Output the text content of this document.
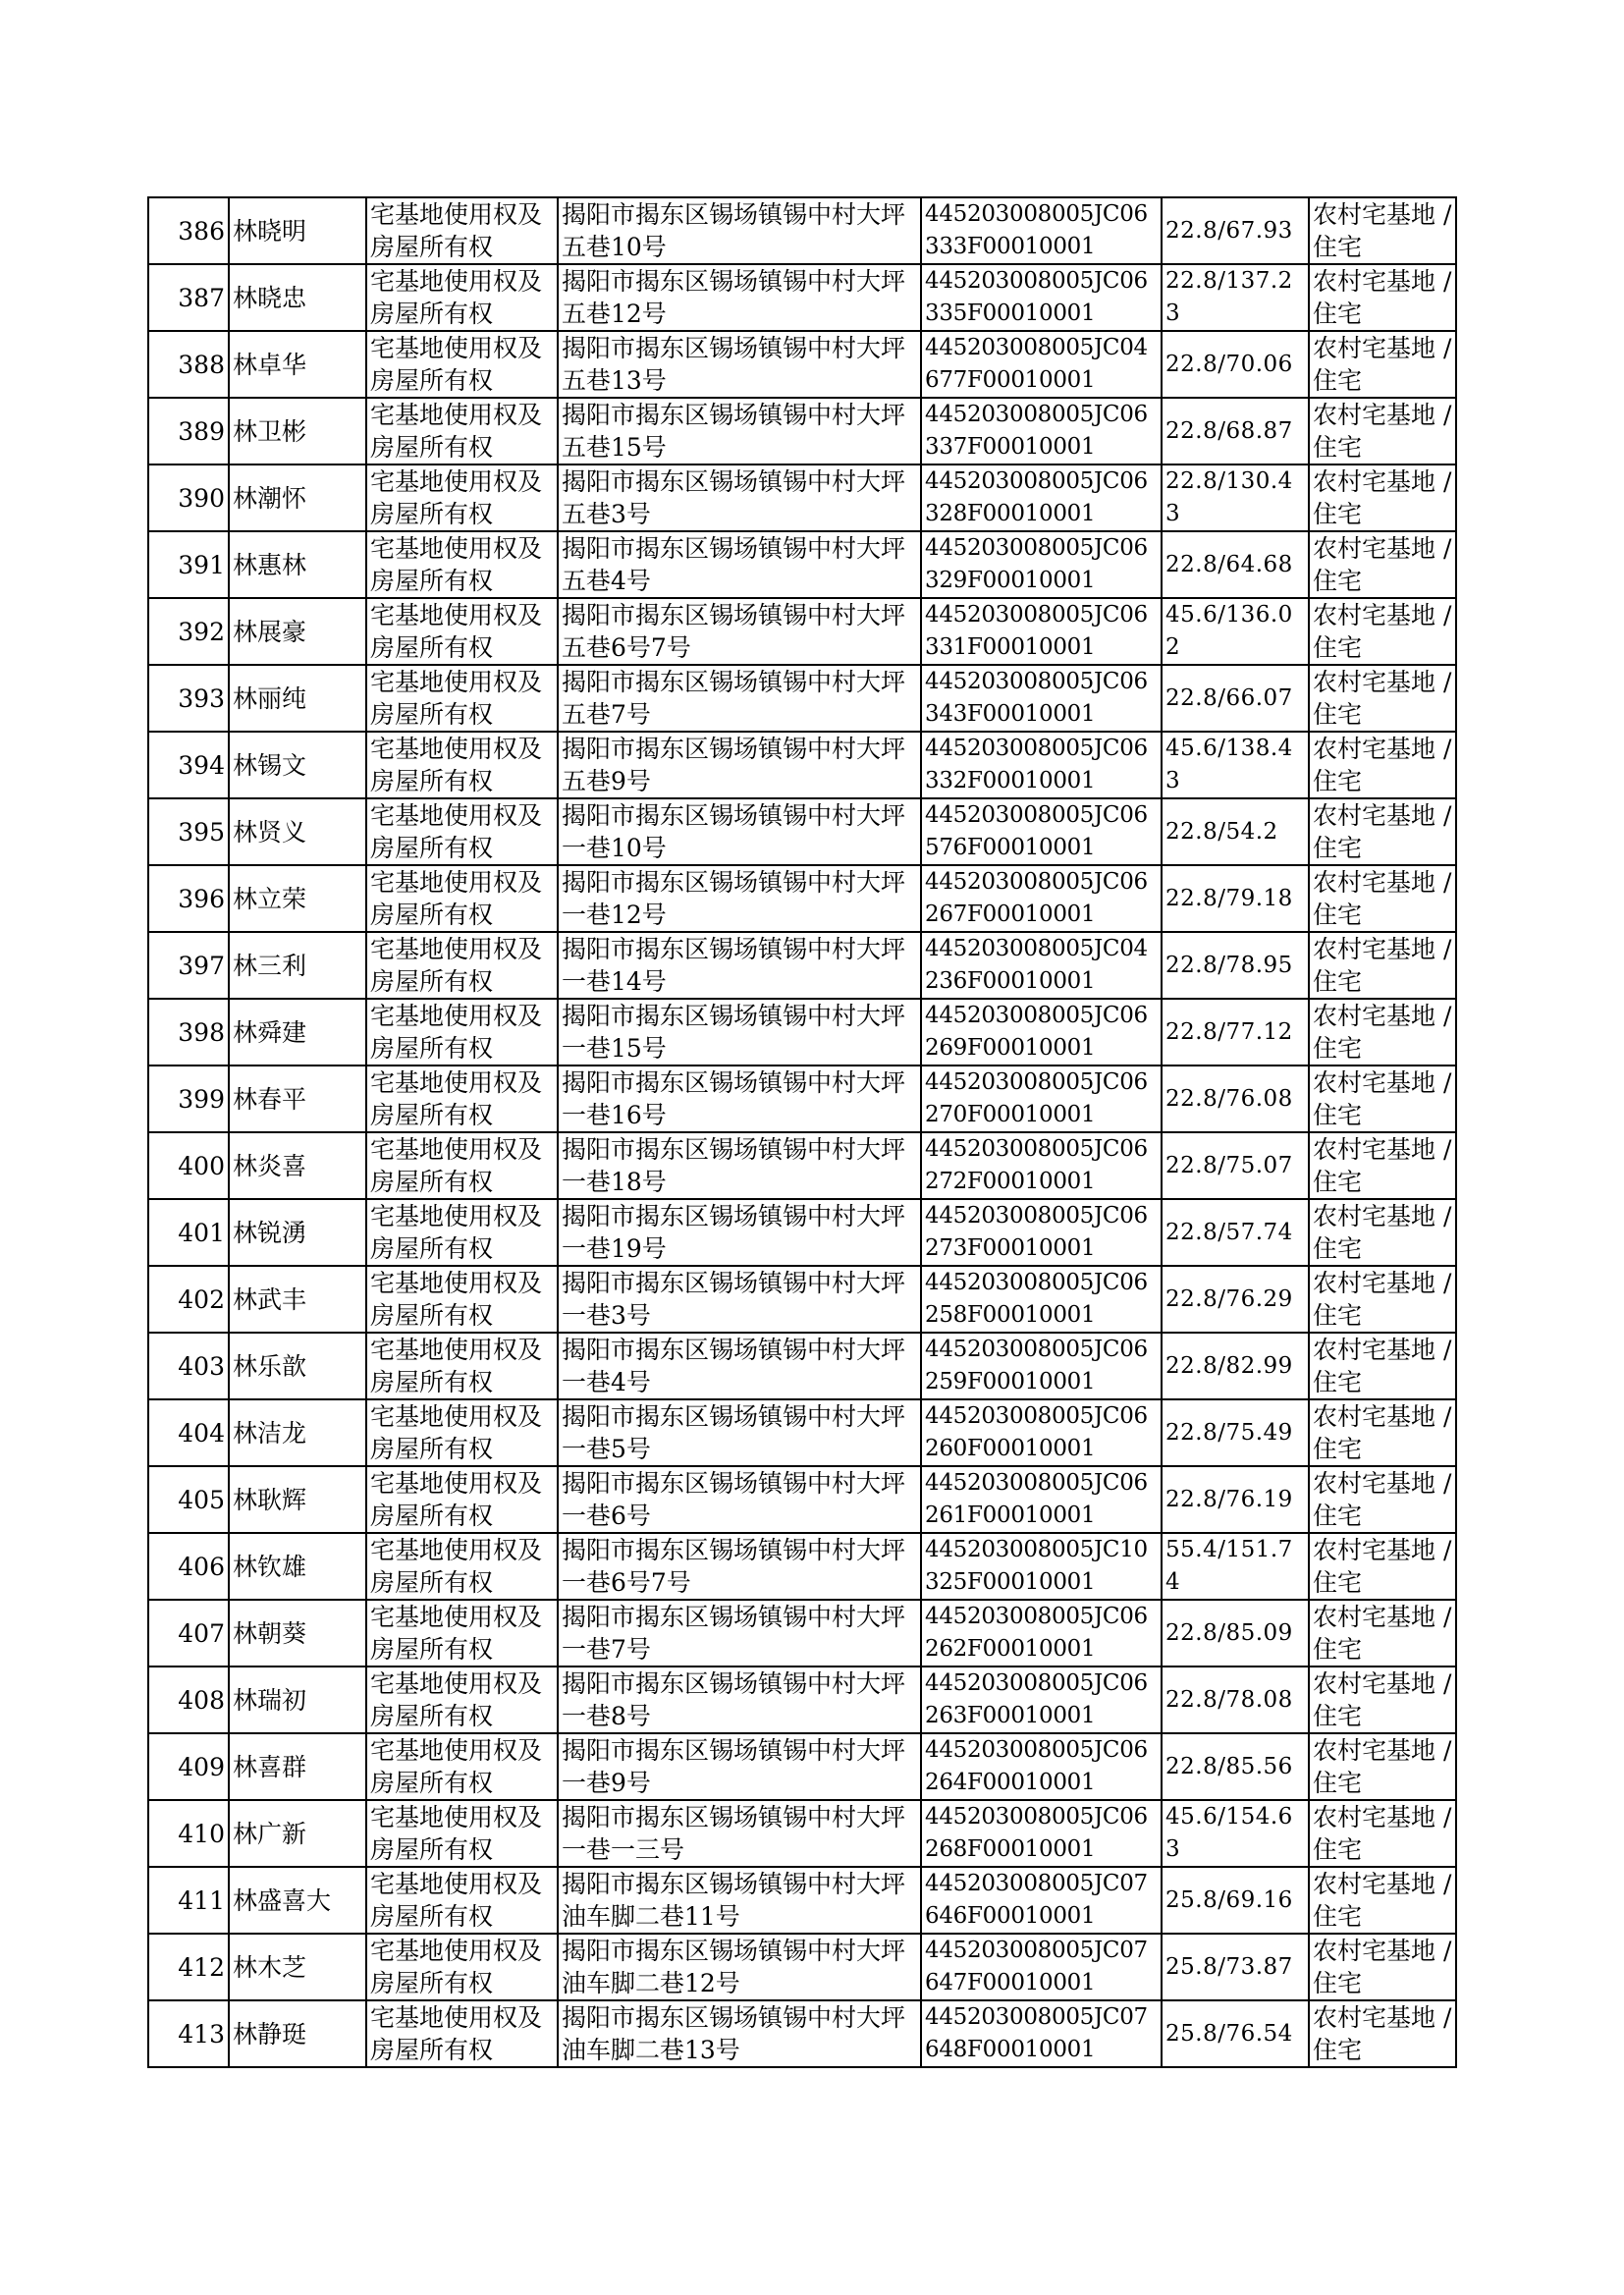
386	林晓明	宅基地使用权及房屋所有权	揭阳市揭东区锡场镇锡中村大坪五巷10号	445203008005JC06333F00010001	22.8/67.93	农村宅基地 / 住宅
387	林晓忠	宅基地使用权及房屋所有权	揭阳市揭东区锡场镇锡中村大坪五巷12号	445203008005JC06335F00010001	22.8/137.23	农村宅基地 / 住宅
388	林卓华	宅基地使用权及房屋所有权	揭阳市揭东区锡场镇锡中村大坪五巷13号	445203008005JC04677F00010001	22.8/70.06	农村宅基地 / 住宅
389	林卫彬	宅基地使用权及房屋所有权	揭阳市揭东区锡场镇锡中村大坪五巷15号	445203008005JC06337F00010001	22.8/68.87	农村宅基地 / 住宅
390	林潮怀	宅基地使用权及房屋所有权	揭阳市揭东区锡场镇锡中村大坪五巷3号	445203008005JC06328F00010001	22.8/130.43	农村宅基地 / 住宅
391	林惠林	宅基地使用权及房屋所有权	揭阳市揭东区锡场镇锡中村大坪五巷4号	445203008005JC06329F00010001	22.8/64.68	农村宅基地 / 住宅
392	林展豪	宅基地使用权及房屋所有权	揭阳市揭东区锡场镇锡中村大坪五巷6号7号	445203008005JC06331F00010001	45.6/136.02	农村宅基地 / 住宅
393	林丽纯	宅基地使用权及房屋所有权	揭阳市揭东区锡场镇锡中村大坪五巷7号	445203008005JC06343F00010001	22.8/66.07	农村宅基地 / 住宅
394	林锡文	宅基地使用权及房屋所有权	揭阳市揭东区锡场镇锡中村大坪五巷9号	445203008005JC06332F00010001	45.6/138.43	农村宅基地 / 住宅
395	林贤义	宅基地使用权及房屋所有权	揭阳市揭东区锡场镇锡中村大坪一巷10号	445203008005JC06576F00010001	22.8/54.2	农村宅基地 / 住宅
396	林立荣	宅基地使用权及房屋所有权	揭阳市揭东区锡场镇锡中村大坪一巷12号	445203008005JC06267F00010001	22.8/79.18	农村宅基地 / 住宅
397	林三利	宅基地使用权及房屋所有权	揭阳市揭东区锡场镇锡中村大坪一巷14号	445203008005JC04236F00010001	22.8/78.95	农村宅基地 / 住宅
398	林舜建	宅基地使用权及房屋所有权	揭阳市揭东区锡场镇锡中村大坪一巷15号	445203008005JC06269F00010001	22.8/77.12	农村宅基地 / 住宅
399	林春平	宅基地使用权及房屋所有权	揭阳市揭东区锡场镇锡中村大坪一巷16号	445203008005JC06270F00010001	22.8/76.08	农村宅基地 / 住宅
400	林炎喜	宅基地使用权及房屋所有权	揭阳市揭东区锡场镇锡中村大坪一巷18号	445203008005JC06272F00010001	22.8/75.07	农村宅基地 / 住宅
401	林锐湧	宅基地使用权及房屋所有权	揭阳市揭东区锡场镇锡中村大坪一巷19号	445203008005JC06273F00010001	22.8/57.74	农村宅基地 / 住宅
402	林武丰	宅基地使用权及房屋所有权	揭阳市揭东区锡场镇锡中村大坪一巷3号	445203008005JC06258F00010001	22.8/76.29	农村宅基地 / 住宅
403	林乐歆	宅基地使用权及房屋所有权	揭阳市揭东区锡场镇锡中村大坪一巷4号	445203008005JC06259F00010001	22.8/82.99	农村宅基地 / 住宅
404	林洁龙	宅基地使用权及房屋所有权	揭阳市揭东区锡场镇锡中村大坪一巷5号	445203008005JC06260F00010001	22.8/75.49	农村宅基地 / 住宅
405	林耿辉	宅基地使用权及房屋所有权	揭阳市揭东区锡场镇锡中村大坪一巷6号	445203008005JC06261F00010001	22.8/76.19	农村宅基地 / 住宅
406	林钦雄	宅基地使用权及房屋所有权	揭阳市揭东区锡场镇锡中村大坪一巷6号7号	445203008005JC10325F00010001	55.4/151.74	农村宅基地 / 住宅
407	林朝葵	宅基地使用权及房屋所有权	揭阳市揭东区锡场镇锡中村大坪一巷7号	445203008005JC06262F00010001	22.8/85.09	农村宅基地 / 住宅
408	林瑞初	宅基地使用权及房屋所有权	揭阳市揭东区锡场镇锡中村大坪一巷8号	445203008005JC06263F00010001	22.8/78.08	农村宅基地 / 住宅
409	林喜群	宅基地使用权及房屋所有权	揭阳市揭东区锡场镇锡中村大坪一巷9号	445203008005JC06264F00010001	22.8/85.56	农村宅基地 / 住宅
410	林广新	宅基地使用权及房屋所有权	揭阳市揭东区锡场镇锡中村大坪一巷一三号	445203008005JC06268F00010001	45.6/154.63	农村宅基地 / 住宅
411	林盛喜大	宅基地使用权及房屋所有权	揭阳市揭东区锡场镇锡中村大坪油车脚二巷11号	445203008005JC07646F00010001	25.8/69.16	农村宅基地 / 住宅
412	林木芝	宅基地使用权及房屋所有权	揭阳市揭东区锡场镇锡中村大坪油车脚二巷12号	445203008005JC07647F00010001	25.8/73.87	农村宅基地 / 住宅
413	林静珽	宅基地使用权及房屋所有权	揭阳市揭东区锡场镇锡中村大坪油车脚二巷13号	445203008005JC07648F00010001	25.8/76.54	农村宅基地 / 住宅
